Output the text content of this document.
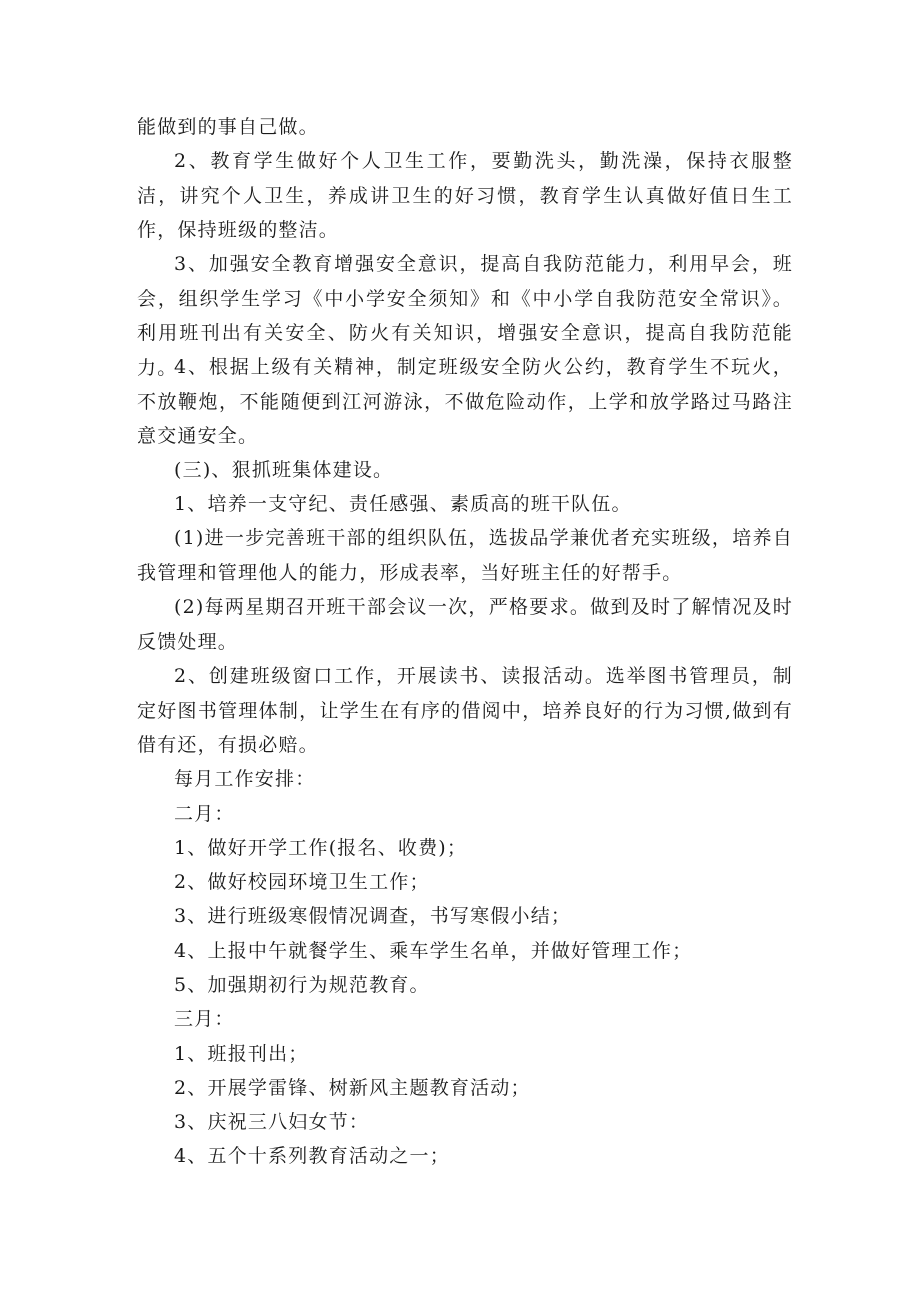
能做到的事自己做。

2、教育学生做好个人卫生工作，要勤洗头，勤洗澡，保持衣服整洁，讲究个人卫生，养成讲卫生的好习惯，教育学生认真做好值日生工作，保持班级的整洁。

3、加强安全教育增强安全意识，提高自我防范能力，利用早会，班会，组织学生学习《中小学安全须知》和《中小学自我防范安全常识》。利用班刊出有关安全、防火有关知识，增强安全意识，提高自我防范能力。

4、根据上级有关精神，制定班级安全防火公约，教育学生不玩火，不放鞭炮，不能随便到江河游泳，不做危险动作，上学和放学路过马路注意交通安全。

(三)、狠抓班集体建设。

1、培养一支守纪、责任感强、素质高的班干队伍。

(1)进一步完善班干部的组织队伍，选拔品学兼优者充实班级，培养自我管理和管理他人的能力，形成表率，当好班主任的好帮手。

(2)每两星期召开班干部会议一次，严格要求。做到及时了解情况及时反馈处理。

2、创建班级窗口工作，开展读书、读报活动。选举图书管理员，制定好图书管理体制，让学生在有序的借阅中，培养良好的行为习惯,做到有借有还，有损必赔。

每月工作安排：

二月：

1、做好开学工作(报名、收费)；

2、做好校园环境卫生工作；

3、进行班级寒假情况调查，书写寒假小结；

4、上报中午就餐学生、乘车学生名单，并做好管理工作；

5、加强期初行为规范教育。

三月：

1、班报刊出；

2、开展学雷锋、树新风主题教育活动；

3、庆祝三八妇女节：

4、五个十系列教育活动之一；
